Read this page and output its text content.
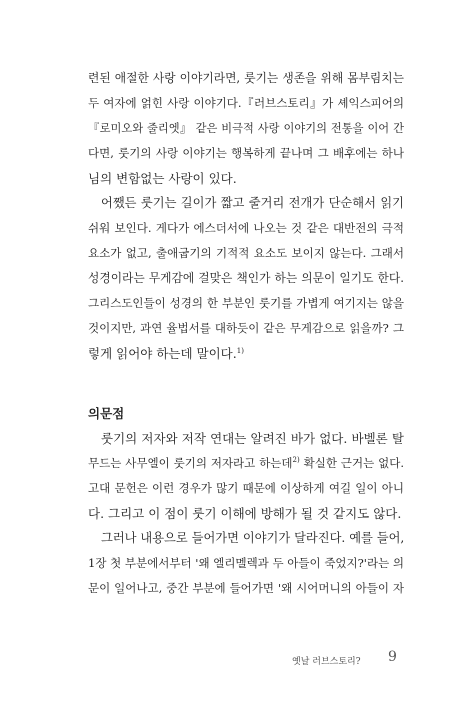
련된 애절한 사랑 이야기라면, 룻기는 생존을 위해 몸부림치는
두 여자에 얽힌 사랑 이야기다.『러브스토리』가 셰익스피어의
『로미오와 줄리엣』 같은 비극적 사랑 이야기의 전통을 이어 간
다면, 룻기의 사랑 이야기는 행복하게 끝나며 그 배후에는 하나
님의 변함없는 사랑이 있다.
어쨌든 룻기는 길이가 짧고 줄거리 전개가 단순해서 읽기
쉬워 보인다. 게다가 에스더서에 나오는 것 같은 대반전의 극적
요소가 없고, 출애굽기의 기적적 요소도 보이지 않는다. 그래서
성경이라는 무게감에 걸맞은 책인가 하는 의문이 일기도 한다.
그리스도인들이 성경의 한 부분인 룻기를 가볍게 여기지는 않을
것이지만, 과연 율법서를 대하듯이 같은 무게감으로 읽을까? 그
렇게 읽어야 하는데 말이다.$^{1)}$
의문점
룻기의 저자와 저작 연대는 알려진 바가 없다. 바벨론 탈
무드는 사무엘이 룻기의 저자라고 하는데$^{2)}$ 확실한 근거는 없다.
고대 문헌은 이런 경우가 많기 때문에 이상하게 여길 일이 아니
다. 그리고 이 점이 룻기 이해에 방해가 될 것 같지도 않다.
그러나 내용으로 들어가면 이야기가 달라진다. 예를 들어,
1장 첫 부분에서부터 '왜 엘리멜렉과 두 아들이 죽었지?'라는 의
문이 일어나고, 중간 부분에 들어가면 '왜 시어머니의 아들이 자
옛날 러브스토리? 9
